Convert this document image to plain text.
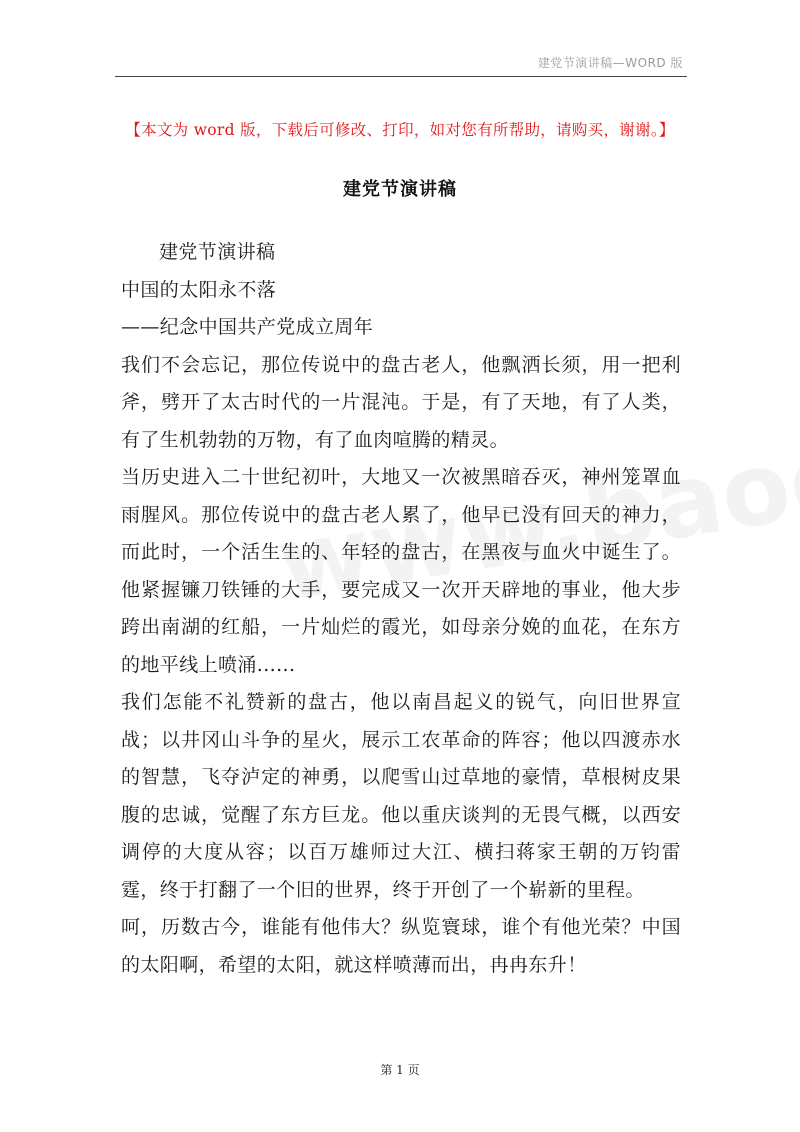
建党节演讲稿—WORD 版
【本文为 word 版，下载后可修改、打印，如对您有所帮助，请购买，谢谢。】
建党节演讲稿

建党节演讲稿

中国的太阳永不落

——纪念中国共产党成立周年

我们不会忘记，那位传说中的盘古老人，他飘洒长须，用一把利斧，劈开了太古时代的一片混沌。于是，有了天地，有了人类，有了生机勃勃的万物，有了血肉喧腾的精灵。

当历史进入二十世纪初叶，大地又一次被黑暗吞灭，神州笼罩血雨腥风。那位传说中的盘古老人累了，他早已没有回天的神力，而此时，一个活生生的、年轻的盘古，在黑夜与血火中诞生了。他紧握镰刀铁锤的大手，要完成又一次开天辟地的事业，他大步跨出南湖的红船，一片灿烂的霞光，如母亲分娩的血花，在东方的地平线上喷涌......

我们怎能不礼赞新的盘古，他以南昌起义的锐气，向旧世界宣战；以井冈山斗争的星火，展示工农革命的阵容；他以四渡赤水的智慧，飞夺泸定的神勇，以爬雪山过草地的豪情，草根树皮果腹的忠诚，觉醒了东方巨龙。他以重庆谈判的无畏气概，以西安调停的大度从容；以百万雄师过大江、横扫蒋家王朝的万钧雷霆，终于打翻了一个旧的世界，终于开创了一个崭新的里程。

呵，历数古今，谁能有他伟大？纵览寰球，谁个有他光荣？中国的太阳啊，希望的太阳，就这样喷薄而出，冉冉东升！

第 1 页
